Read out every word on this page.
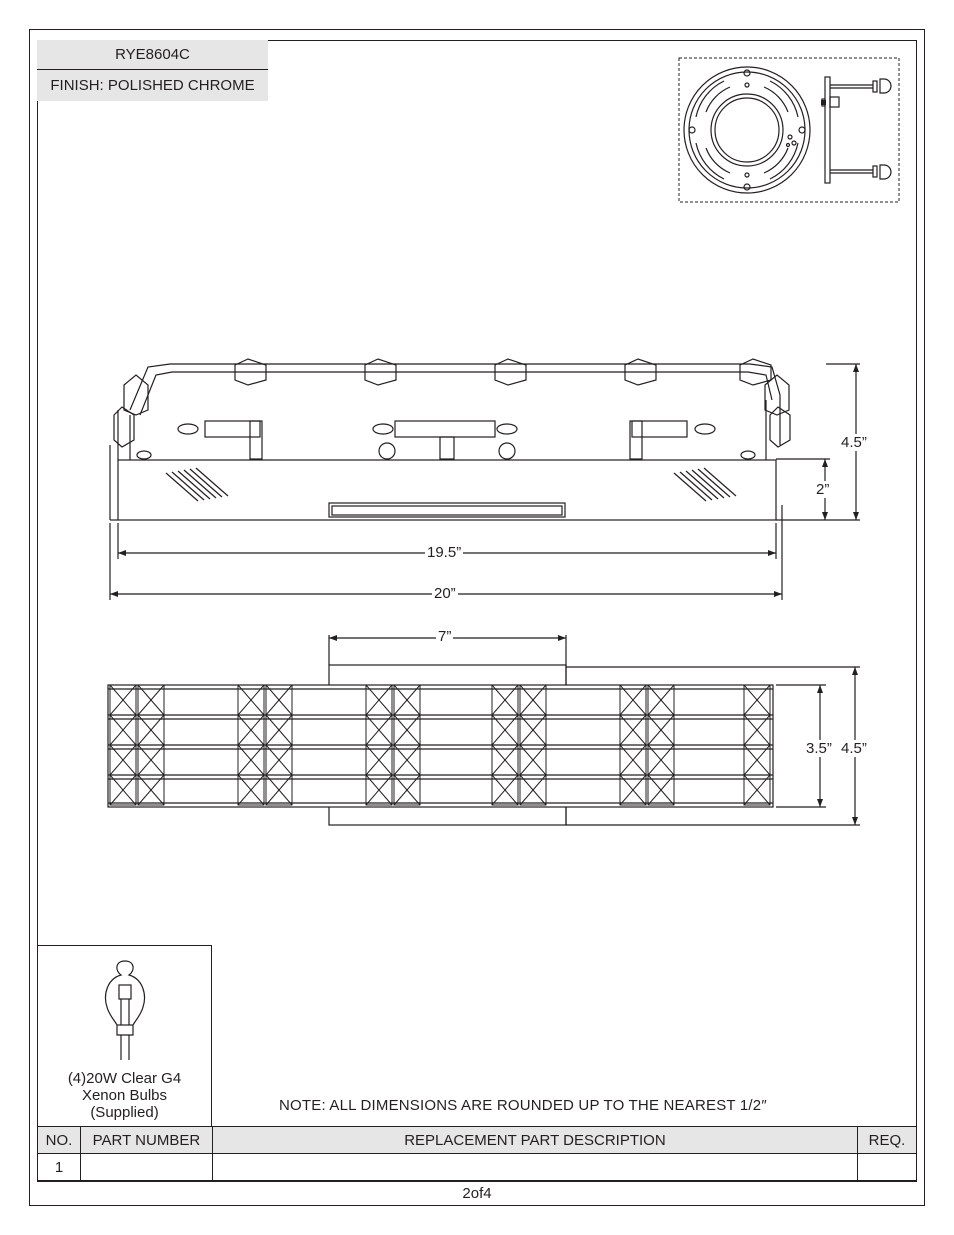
RYE8604C
FINISH: POLISHED CHROME
4.5”
2”
19.5”
20”
7”
3.5” 4.5”
(4)20W Clear G4
Xenon Bulbs
(Supplied)	NOTE: ALL DIMENSIONS ARE ROUNDED UP TO THE NEAREST 1/2″
NO.	PART NUMBER	REPLACEMENT PART DESCRIPTION	REQ.
1			
2of4
